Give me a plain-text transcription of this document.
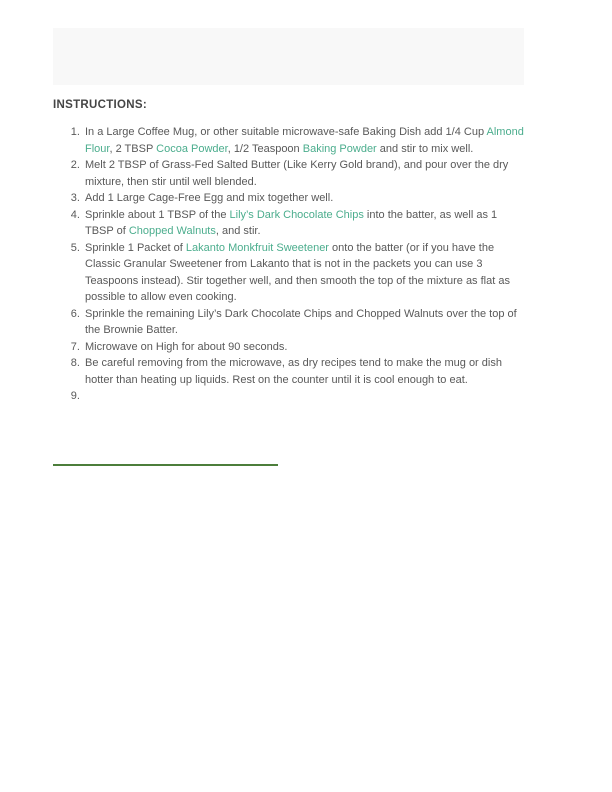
INSTRUCTIONS:
1. In a Large Coffee Mug, or other suitable microwave-safe Baking Dish add 1/4 Cup Almond Flour, 2 TBSP Cocoa Powder, 1/2 Teaspoon Baking Powder and stir to mix well.
2. Melt 2 TBSP of Grass-Fed Salted Butter (Like Kerry Gold brand), and pour over the dry mixture, then stir until well blended.
3. Add 1 Large Cage-Free Egg and mix together well.
4. Sprinkle about 1 TBSP of the Lily’s Dark Chocolate Chips into the batter, as well as 1 TBSP of Chopped Walnuts, and stir.
5. Sprinkle 1 Packet of Lakanto Monkfruit Sweetener onto the batter (or if you have the Classic Granular Sweetener from Lakanto that is not in the packets you can use 3 Teaspoons instead). Stir together well, and then smooth the top of the mixture as flat as possible to allow even cooking.
6. Sprinkle the remaining Lily’s Dark Chocolate Chips and Chopped Walnuts over the top of the Brownie Batter.
7. Microwave on High for about 90 seconds.
8. Be careful removing from the microwave, as dry recipes tend to make the mug or dish hotter than heating up liquids. Rest on the counter until it is cool enough to eat.
9.
